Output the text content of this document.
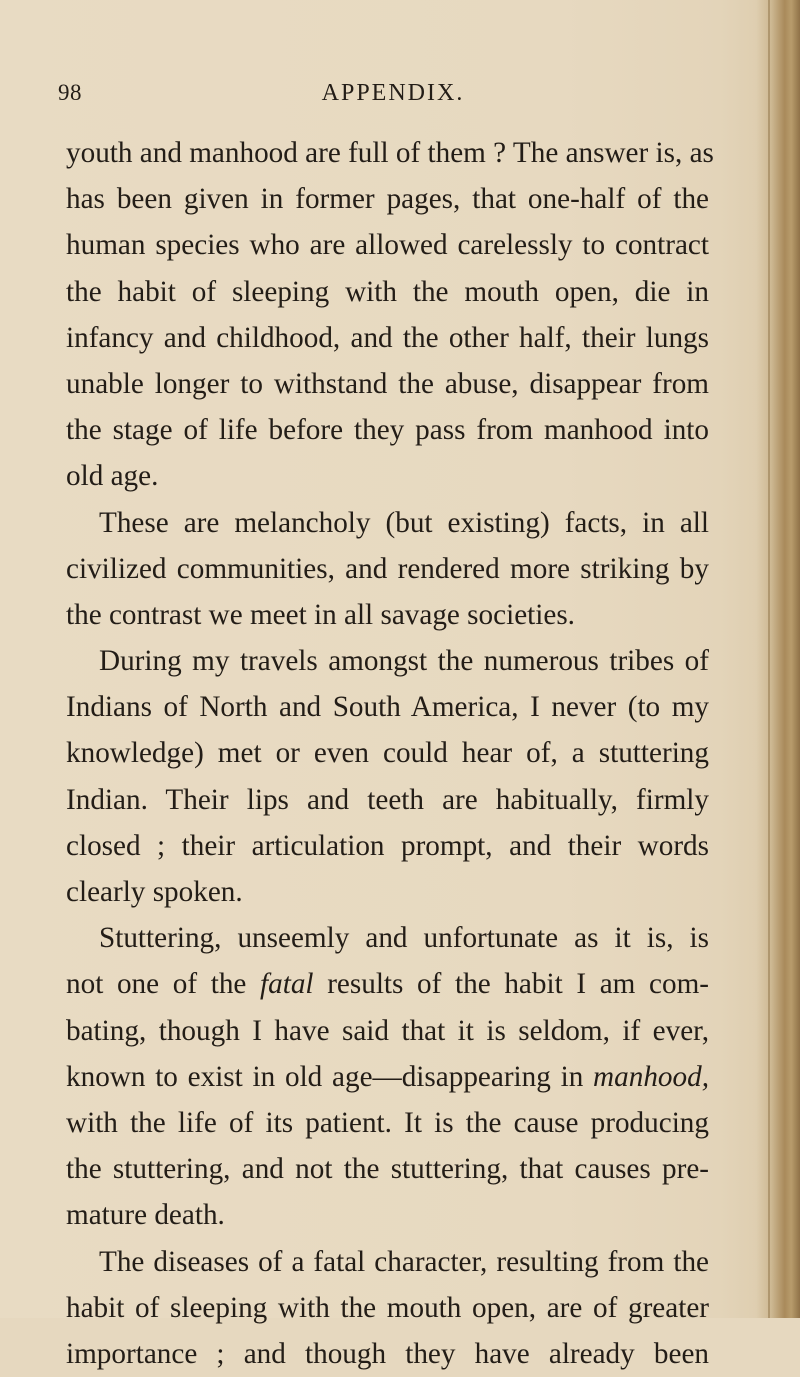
98	APPENDIX.
youth and manhood are full of them ? The answer is, as
has been given in former pages, that one-half of the
human species who are allowed carelessly to contract
the habit of sleeping with the mouth open, die in
infancy and childhood, and the other half, their lungs
unable longer to withstand the abuse, disappear from
the stage of life before they pass from manhood into
old age.
These are melancholy (but existing) facts, in all
civilized communities, and rendered more striking by
the contrast we meet in all savage societies.
During my travels amongst the numerous tribes of
Indians of North and South America, I never (to my
knowledge) met or even could hear of, a stuttering
Indian. Their lips and teeth are habitually, firmly
closed ; their articulation prompt, and their words
clearly spoken.
Stuttering, unseemly and unfortunate as it is, is
not one of the fatal results of the habit I am com-
bating, though I have said that it is seldom, if ever,
known to exist in old age—disappearing in manhood,
with the life of its patient. It is the cause producing
the stuttering, and not the stuttering, that causes pre-
mature death.
The diseases of a fatal character, resulting from the
habit of sleeping with the mouth open, are of greater
importance ; and though they have already been
